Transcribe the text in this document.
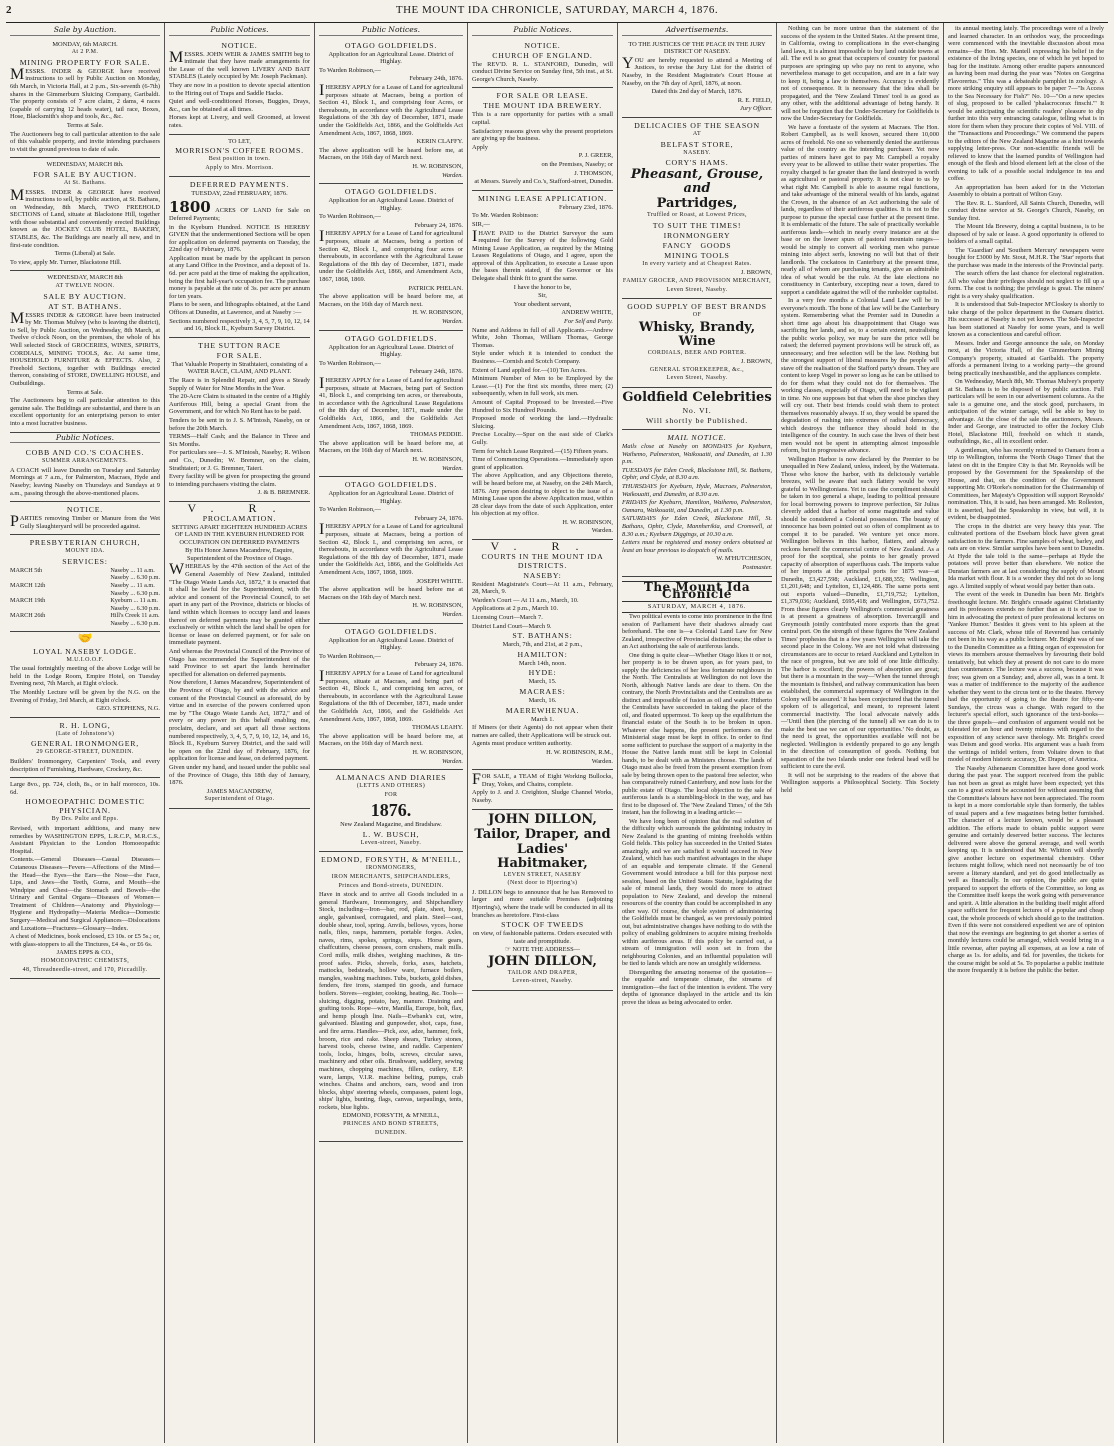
2	THE MOUNT IDA CHRONICLE, SATURDAY, MARCH 4, 1876.
Sale by Auction.

MONDAY, 6th MARCH.

At 2 P.M.

MINING PROPERTY FOR SALE.

MESSRS. INDER & GEORGE have received instructions to sell by Public Auction on Monday, 6th March, in Victoria Hall, at 2 p.m., Six-seventh (6-7th) shares in the Gimmerburn Sluicing Company, Garibaldi. The property consists of 7 acre claim, 2 dams, 4 races (capable of carrying 12 heads water), tail race, Boxes, Hose, Blacksmith's shop and tools, &c., &c.

Terms at Sale.

The Auctioneers beg to call particular attention to the sale of this valuable property, and invite intending purchasers to visit the ground previous to date of sale.

WEDNESDAY, MARCH 8th.

FOR SALE BY AUCTION.

At St. Bathans.

MESSRS. INDER & GEORGE have received instructions to sell, by public auction, at St. Bathans, on Wednesday, 8th March, TWO FREEHOLD SECTIONS of Land, situate at Blackstone Hill, together with those substantial and conveniently erected Buildings known as the JOCKEY CLUB HOTEL, BAKERY, STABLES, &c. The Buildings are nearly all new, and in first-rate condition.

Terms (Liberal) at Sale.

To view, apply Mr. Turner, Blackstone Hill.

WEDNESDAY, MARCH 8th

AT TWELVE NOON.

SALE BY AUCTION.

AT ST. BATHANS.

MESSRS INDER & GEORGE have been instructed by Mr. Thomas Mulvey (who is leaving the district), to Sell, by Public Auction, on Wednesday, 8th March, at Twelve o'clock Noon, on the premises, the whole of his Well selected Stock of GROCERIES, WINES, SPIRITS, CORDIALS, MINING TOOLS, &c. At same time, HOUSEHOLD FURNITURE & EFFECTS. Also, 2 Freehold Sections, together with Buildings erected thereon, consisting of STORE, DWELLING HOUSE, and Outbuildings.

Terms at Sale.

The Auctioneers beg to call particular attention to this genuine sale. The Buildings are substantial, and there is an excellent opportunity for an enterprising person to enter into a most lucrative business.

Public Notices.

COBB AND CO.'S COACHES.

SUMMER ARRANGEMENTS.

A COACH will leave Dunedin on Tuesday and Saturday Mornings at 7 a.m., for Palmerston, Macraes, Hyde and Naseby; leaving Naseby on Thursdays and Sundays at 9 a.m., passing through the above-mentioned places.

NOTICE.

PARTIES removing Timber or Manure from the Wet Gully Slaughteryard will be proceeded against.

PRESBYTERIAN CHURCH,

MOUNT IDA.

SERVICES:

MARCH 5th	Naseby ... 11 a.m.
Naseby ... 6.30 p.m.
MARCH 12th	Naseby ... 11 a.m.
Naseby ... 6.30 p.m.
MARCH 19th	Kyeburn ... 11 a.m.
Naseby ... 6.30 p.m.
MARCH 26th	Hill's Creek 11 a.m.
Naseby ... 6.30 p.m.
🤝

LOYAL NASEBY LODGE.

M.U.I.O.O.F.

The usual fortnightly meeting of the above Lodge will be held in the Lodge Room, Empire Hotel, on Tuesday Evening next, 7th March, at Eight o'clock.

The Monthly Lecture will be given by the N.G. on the Evening of Friday, 3rd March, at Eight o'clock.

GEO. STEPHENS, N.G.

R. H. LONG,

(Late of Johnstone's)

GENERAL IRONMONGER,

29 GEORGE-STREET, DUNEDIN.

Builders' Ironmongery, Carpenters' Tools, and every description of Furnishing, Hardware, Crockery, &c.

Large 8vo., pp. 724, cloth, 8s., or in half morocco, 10s. 6d.

HOMOEOPATHIC DOMESTIC PHYSICIAN.

By Drs. Pulte and Epps.

Revised, with important additions, and many new remedies by WASHINGTON EPPS, L.R.C.P., M.R.C.S., Assistant Physician to the London Homoeopathic Hospital.

Contents.—General Diseases—Casual Diseases—Cutaneous Diseases—Fevers—Affections of the Mind—the Head—the Eyes—the Ears—the Nose—the Face, Lips, and Jaws—the Teeth, Gums, and Mouth—the Windpipe and Chest—the Stomach and Bowels—the Urinary and Genital Organs—Diseases of Women—Treatment of Children—Anatomy and Physiology—Hygiene and Hydropathy—Materia Medica—Domestic Surgery—Medical and Surgical Appliances—Dislocations and Luxations—Fractures—Glossary—Index.

A chest of Medicines, book enclosed, £3 10s. or £5 5s.; or, with glass-stoppers to all the Tinctures, £4 4s., or £6 6s.

JAMES EPPS & CO.,

HOMOEOPATHIC CHEMISTS,

48, Threadneedle-street, and 170, Piccadilly.

Public Notices.

NOTICE.

MESSRS. JOHN WEIR & JAMES SMITH beg to intimate that they have made arrangements for the Lease of the well known LIVERY AND BAIT STABLES (Lately occupied by Mr. Joseph Packman).

They are now in a position to devote special attention to the Hiring out of Traps and Saddle Hacks.

Quiet and well-conditioned Horses, Buggies, Drays, &c., can be obtained at all times.

Horses kept at Livery, and well Groomed, at lowest rates.

TO LET,

MORRISON'S COFFEE ROOMS.

Best position in town.

Apply to Mrs. Morrison.

DEFERRED PAYMENTS.

TUESDAY, 22nd FEBRUARY, 1876.

1800 ACRES OF LAND for Sale on Deferred Payments;

in the Kyeburn Hundred. NOTICE IS HEREBY GIVEN that the undermentioned Sections will be open for application on deferred payments on Tuesday, the 22nd day of February, 1876.

Application must be made by the applicant in person at any Land Office in the Province, and a deposit of 1s. 6d. per acre paid at the time of making the application, being the first half-year's occupation fee. The purchase money is payable at the rate of 3s. per acre per annum for ten years.

Plans to be seen, and lithographs obtained, at the Land Offices at Dunedin, at Lawrence, and at Naseby :—

Sections numbered respectively 3, 4, 5, 7, 9, 10, 12, 14 and 16, Block II., Kyeburn Survey District.

THE SUTTON RACE

FOR SALE.

That Valuable Property in Strathtaieri, consisting of a WATER RACE, CLAIM, AND PLANT.

The Race is in Splendid Repair, and gives a Steady Supply of Water for Nine Months in the Year.

The 20-Acre Claim is situated in the centre of a Highly Auriferous Hill, being a special Grant from the Government, and for which No Rent has to be paid.

Tenders to be sent in to J. S. M'Intosh, Naseby, on or before the 20th March.

TERMS—Half Cash; and the Balance in Three and Six Months.

For particulars see—J. S. M'Intosh, Naseby; R. Wilson and Co., Dunedin; W. Bremner, on the claim, Strathtaieri; or J. G. Bremner, Taieri.

Every facility will be given for prospecting the ground to intending purchasers visiting the claim.

J. & B. BREMNER.

V. R.

PROCLAMATION.

SETTING APART EIGHTEEN HUNDRED ACRES OF LAND IN THE KYEBURN HUNDRED FOR OCCUPATION ON DEFERRED PAYMENTS

By His Honor James Macandrew, Esquire, Superintendent of the Province of Otago.

WHEREAS by the 47th section of the Act of the General Assembly of New Zealand, intituled "The Otago Waste Lands Act, 1872," it is enacted that it shall be lawful for the Superintendent, with the advice and consent of the Provincial Council, to set apart in any part of the Province, districts or blocks of land within which licenses to occupy land and leases thereof on deferred payments may be granted either exclusively or within which the land shall be open for license or lease on deferred payment, or for sale on immediate payment.

And whereas the Provincial Council of the Province of Otago has recommended the Superintendent of the said Province to set apart the lands hereinafter specified for alienation on deferred payments.

Now therefore, I James Macandrew, Superintendent of the Province of Otago, by and with the advice and consent of the Provincial Council as aforesaid, do by virtue and in exercise of the powers conferred upon me by "The Otago Waste Lands Act, 1872," and of every or any power in this behalf enabling me, proclaim, declare, and set apart all those sections numbered respectively, 3, 4, 5, 7, 9, 10, 12, 14, and 16, Block II., Kyeburn Survey District, and the said will be open on the 22nd day of February, 1876, for application for license and lease, on deferred payment.

Given under my hand, and issued under the public seal of the Province of Otago, this 18th day of January, 1876.

JAMES MACANDREW,

Superintendent of Otago.

Public Notices.

OTAGO GOLDFIELDS.

Application for an Agricultural Lease. District of Highlay.

To Warden Robinson,—

February 24th, 1876.

IHEREBY APPLY for a Lease of Land for agricultural purposes situate at Macraes, being a portion of Section 41, Block I., and comprising four Acres, or thereabouts, in accordance with the Agricultural Lease Regulations of the 3th day of December, 1871, made under the Goldfields Act, 1866, and the Goldfields Act Amendment Acts, 1867, 1868, 1869.

KERIN CLAFFY.

The above application will be heard before me, at Macraes, on the 16th day of March next.

H. W. ROBINSON,

Warden.

OTAGO GOLDFIELDS.

Application for an Agricultural Lease. District of Highlay.

To Warden Robinson,—

February 24, 1876.

IHEREBY APPLY for a Lease of Land for agricultural purposes, situate at Macraes, being a portion of Section 42, Block I., and comprising four acres or thereabouts, in accordance with the Agricultural Lease Regulations of the 8th day of December, 1871, made under the Goldfields Act, 1866, and Amendment Acts, 1867, 1868, 1869.

PATRICK PHELAN.

The above application will be heard before me, at Macraes, on the 16th day of March next.

H. W. ROBINSON,

Warden.

OTAGO GOLDFIELDS.

Application for an Agricultural Lease. District of Highlay.

To Warden Robinson,—

February 24th, 1876.

IHEREBY APPLY for a Lease of Land for agricultural purposes, situate at Macraes, being part of Section 41, Block I., and comprising ten acres, or thereabouts, in accordance with the Agricultural Lease Regulations of the 8th day of December, 1871, made under the Goldfields Act, 1866, and the Goldfields Act Amendment Acts, 1867, 1868, 1869.

THOMAS PEDDIE.

The above application will be heard before me, at Macraes, on the 16th day of March next.

H. W. ROBINSON,

Warden.

OTAGO GOLDFIELDS.

Application for an Agricultural Lease. District of Highlay.

To Warden Robinson,—

February 24, 1876.

IHEREBY APPLY for a Lease of Land for agricultural purposes, situate at Macraes, being a portion of Section 42, Block I., and comprising ten acres, or thereabouts, in accordance with the Agricultural Lease Regulations of the 8th day of December, 1871, made under the Goldfields Act, 1866, and the Goldfields Act Amendment Acts, 1867, 1868, 1869.

JOSEPH WHITE.

The above application will be heard before me at Macraes on the 16th day of March next.

H. W. ROBINSON,

Warden.

OTAGO GOLDFIELDS.

Application for an Agricultural Lease. District of Highlay.

To Warden Robinson,—

February 24, 1876.

IHEREBY APPLY for a Lease of Land for agricultural purposes, situate at Macraes, and being part of Section 41, Block I., and comprising ten acres, or thereabouts, in accordance with the Agricultural Lease Regulations of the 8th of December, 1871, made under the Goldfields Act, 1866, and the Goldfields Act Amendment Acts, 1867, 1868, 1869.

THOMAS LEAHY.

The above application will be heard before me, at Macraes, on the 16th day of March next.

H. W. ROBINSON,

Warden.

ALMANACS AND DIARIES

(LETTS AND OTHERS)

FOR

1876.

New Zealand Magazine, and Bradshaw.

L. W. BUSCH,

Leven-street, Naseby.

EDMOND, FORSYTH, & M'NEILL,

IRONMONGERS,

IRON MERCHANTS, SHIPCHANDLERS,

Princes and Bond-streets, DUNEDIN.

Have in stock and to arrive all Goods included in a general Hardware, Ironmongery, and Shipchandlery Stock, including—Iron—bar, rod, plate, sheet, hoop, angle, galvanised, corrugated, and plain. Steel—cast, double shear, tool, spring. Anvils, bellows, vyces, horse nails, files, rasps, hammers, portable forges. Axles, naves, rims, spokes, springs, steps. Horse gears, chaffcutters, cheese presses, corn crushers, malt mills. Cord mills, milk dishes, weighing machines, & tin-proof safes. Picks, shovels, forks, axes, hatchets, mattocks, bedsteads, hollow ware, furnace boilers, mangles, washing machines. Tubs, buckets, gold dishes, fenders, fire irons, stamped tin goods, and furnace boilers. Stoves—register, cooking, heating, &c. Tools—sluicing, digging, potato, hay, manure. Draining and grafting tools. Rope—wire, Manilla, Europe, bolt, flax, and hemp plough line. Nails—Ewbank's cut, wire, galvanised. Blasting and gunpowder, shot, caps, fuse, and fire arms. Handles—Pick, axe, adze, hammer, fork, broom, rice and rake. Sheep shears, Turkey stones, harvest tools, cheese twine, and raddle. Carpenters' tools, locks, hinges, bolts, screws, circular saws, machinery and other oils. Brushware, saddlery, sewing machines, chopping machines, fillers, cutlery, E.P. ware, lamps, V.I.R. machine belting, pumps, crab winches. Chains and anchors, oars, wood and iron blocks, ships' steering wheels, compasses, patent logs, ships' lights, bunting, flags, canvas, tarpaulings, tents, rockets, blue lights.

EDMOND, FORSYTH, & M'NEILL,

PRINCES AND BOND STREETS,

DUNEDIN.

Public Notices.

NOTICE.

CHURCH OF ENGLAND.

The REV'D. R. L. STANFORD, Dunedin, will conduct Divine Service on Sunday first, 5th inst., at St. George's Church, Naseby.

FOR SALE OR LEASE.

THE MOUNT IDA BREWERY.

This is a rare opportunity for parties with a small capital.

Satisfactory reasons given why the present proprietors are giving up the business.

Apply

P. J. GREER,

on the Premises, Naseby; or

J. THOMSON,

at Messrs. Stavely and Co.'s, Stafford-street, Dunedin.

MINING LEASE APPLICATION.

February 23rd, 1876.

To Mr. Warden Robinson:

SIR,—

IHAVE PAID to the District Surveyor the sum required for the Survey of the following Gold Mining Lease Application, as required by the Mining Leases Regulations of Otago, and I agree, upon the approval of this Application, to execute a Lease upon the bases therein stated, if the Governor or his Delegate shall think fit to grant the same.

I have the honor to be,

Sir,

Your obedient servant,

ANDREW WHITE,

For Self and Party.

Name and Address in full of all Applicants.—Andrew White, John Thomas, William Thomas, George Thomas.

Style under which it is intended to conduct the Business.—Cornish and Scotch Company.

Extent of Land applied for.—(10) Ten Acres.

Minimum Number of Men to be Employed by the Lease.—(1) For the first six months, three men; (2) subsequently, when in full work, six men.

Amount of Capital Proposed to be Invested.—Five Hundred to Six Hundred Pounds.

Proposed mode of working the land.—Hydraulic Sluicing.

Precise Locality.—Spur on the east side of Clark's Gully.

Term for which Lease Required.—(15) Fifteen years.

Time of Commencing Operations.—Immediately upon grant of application.

The above Application, and any Objections thereto, will be heard before me, at Naseby, on the 24th March, 1876. Any person desiring to object to the issue of a Mining Lease upon the above Application must, within 28 clear days from the date of such Application, enter his objection at my office.

H. W. ROBINSON,

Warden.

V. R.

COURTS IN THE MOUNT IDA DISTRICTS.

NASEBY:

Resident Magistrate's Court—At 11 a.m., February, 28, March, 9.

Warden's Court — At 11 a.m., March, 10.

Applications at 2 p.m., March 10.

Licensing Court—March 7.

District Land Court—March 9.

ST. BATHANS:

March, 7th, and 21st, at 2 p.m.,

HAMILTON:

March 14th, noon.

HYDE:

March, 15.

MACRAES:

March, 16.

MAEREWHENUA.

March 1.

If Miners (or their Agents) do not appear when their names are called, their Applications will be struck out.

Agents must produce written authority.

H. W. ROBINSON, R.M.,

Warden.

FOR SALE, a TEAM of Eight Working Bullocks, Dray, Yokes, and Chains, complete.

Apply to J. and J. Creighton, Sludge Channel Works, Naseby.

JOHN DILLON,

Tailor, Draper, and

Ladies' Habitmaker,

LEVEN STREET, NASEBY

(Next door to Hjorring's)

J. DILLON begs to announce that he has Removed to larger and more suitable Premises (adjoining Hjorring's), where the trade will be conducted in all its branches as heretofore. First-class

STOCK OF TWEEDS

on view, of fashionable patterns. Orders executed with taste and promptitude.

☞ NOTE THE ADDRESS—

JOHN DILLON,

TAILOR AND DRAPER,

Leven-street, Naseby.

Advertisements.

TO THE JUSTICES OF THE PEACE IN THE JURY DISTRICT OF NASEBY.

YOU are hereby requested to attend a Meeting of Justices, to revise the Jury List for the district of Naseby, in the Resident Magistrate's Court House at Naseby, on the 7th day of April, 1876, at noon.

Dated this 2nd day of March, 1876.

R. E. FIELD,

Jury Officer.

DELICACIES OF THE SEASON

AT

BELFAST STORE,

NASEBY.

CORY'S HAMS.

Pheasant, Grouse, and

Partridges,

Truffled or Roast, at Lowest Prices,

TO SUIT THE TIMES!

IRONMONGERY

FANCY GOODS

MINING TOOLS

In every variety and at Cheapest Rates.

J. BROWN,

FAMILY GROCER, AND PROVISION MERCHANT,

Leven Street, Naseby.

GOOD SUPPLY OF BEST BRANDS

OF

Whisky, Brandy, Wine

CORDIALS, BEER AND PORTER.

J. BROWN,

GENERAL STOREKEEPER, &c.,

Leven Street, Naseby.

Goldfield Celebrities

No. VI.

Will shortly be Published.

MAIL NOTICE.

Mails close at Naseby on MONDAYS for Kyeburn, Waihemo, Palmerston, Waikouaiti, and Dunedin, at 1.30 p.m.

TUESDAYS for Eden Creek, Blackstone Hill, St. Bathans, Ophir, and Clyde, at 8.30 a.m.

THURSDAYS for Kyeburn, Hyde, Macraes, Palmerston, Waikouaiti, and Dunedin, at 8.30 a.m.

FRIDAYS for Kyeburn, Hamilton, Waihemo, Palmerston, Oamaru, Waikouaiti, and Dunedin, at 1.30 p.m.

SATURDAYS for Eden Creek, Blackstone Hill, St. Bathans, Ophir, Clyde, Mannherikia, and Cromwell, at 8.30 a.m.; Kyeburn Diggings, at 10.30 a.m.

Letters must be registered and money orders obtained at least an hour previous to despatch of mails.

W. M'HUTCHESON,

Postmaster.

The Mount Ida Chronicle
SATURDAY, MARCH 4, 1876.

Two political events to come into prominence in the first session of Parliament have their shadows already cast beforehand. The one is—a Colonial Land Law for New Zealand, irrespective of Provincial distinctions; the other is an Act authorising the sale of auriferous lands.

One thing is quite clear—Whether Otago likes it or not, her property is to be drawn upon, as for years past, to supply the deficiencies of her less fortunate neighbours in the North. The Centralists at Wellington do not love the North, although Native lands are dear to them. On the contrary, the North Provincialists and the Centralists are as distinct and impossible of fusion as oil and water. Hitherto the Centralists have succeeded in taking the place of the oil, and floated uppermost. To keep up the equilibrium the financial estate of the South is to be broken in upon. Whatever else happens, the present performers on the Ministerial stage must be kept in office. In order to find some sufficient to purchase the support of a majority in the House the Native lands must still be kept in Colonial hands, to be dealt with as Ministers choose. The lands of Otago must also be freed from the present exemption from sale by being thrown open to the pastoral free selector, who has comparatively ruined Canterbury, and now lusts for the public estate of Otago. The local objection to the sale of auriferous lands is a stumbling-block in the way, and has first to be disposed of. The 'New Zealand Times,' of the 5th instant, has the following in a leading article:—

We have long been of opinion that the real solution of the difficulty which surrounds the goldmining industry in New Zealand is the granting of mining freeholds within Gold fields. This policy has succeeded in the United States amazingly, and we are satisfied it would succeed in New Zealand, which has such manifest advantages in the shape of an equable and temperate climate. If the General Government would introduce a bill for this purpose next session, based on the United States Statute, legislating the sale of mineral lands, they would do more to attract population to New Zealand, and develop the mineral resources of the country than could be accomplished in any other way. Of course, the whole system of administering the Goldfields must be changed, as we previously pointed out, but administrative changes have nothing to do with the policy of enabling goldminers to acquire mining freeholds within auriferous areas. If this policy be carried out, a stream of immigration will soon set in from the neighbouring Colonies, and an influential population will be tied to lands which are now an unsightly wilderness.

Disregarding the amazing nonsense of the quotation—the equable and temperate climate, the streams of immigration—the fact of the intention is evident. The very depths of ignorance displayed in the article and its kin prove the ideas as being advocated to order.

Nothing can be more untrue than the statement of the success of the system in the United States. At the present time, in California, owing to complications in the ever-changing land laws, it is almost impossible to buy land outside towns at all. The evil is so great that occupiers of country for pastoral purposes are springing up who pay no rent to anyone, who nevertheless manage to get occupation, and are in a fair way to keep it, being a law to themselves. Accuracy is evidently not of consequence. It is necessary that the idea shall be propagated, and the 'New Zealand Times' tool is as good as any other, with the additional advantage of being handy. It will not be forgotten that the Under-Secretary for Goldfields is now the Under-Secretary for Goldfields.

We have a foretaste of the system at Macraes. The Hon. Robert Campbell, as is well known, secured there 10,000 acres of freehold. No one so vehemently denied the auriferous value of the country as the intending purchaser. Yet now parties of miners have got to pay Mr. Campbell a royalty every year to be allowed to utilise their water properties. The royalty charged is far greater than the land destroyed is worth as agricultural or pastoral property. It is not clear to us by what right Mr. Campbell is able to assume regal functions, and take advantage of the mineral wealth of his lands, against the Crown, in the absence of an Act authorising the sale of lands, regardless of their auriferous qualities. It is not to the purpose to pursue the special case further at the present time. It is emblematic of the future. The sale of practically workable auriferous lands—which in nearly every instance are at the base or on the lower spurs of pastoral mountain ranges—would be simply to convert all working men who pursue mining into abject serfs, knowing no will but that of their landlords. The cockatoos in Canterbury at the present time, nearly all of whom are purchasing tenants, give an admirable idea of what would be the rule. At the late elections no constituency in Canterbury, excepting near a town, dared to support a candidate against the will of the runholder capitalist.

In a very few months a Colonial Land Law will be in everyone's mouth. The bone of that law will be the Canterbury system. Remembering what the Premier said in Dunedin a short time ago about his disappointment that Otago was sacrificing her lands, and so, to a certain extent, neutralising the public works policy, we may be sure the price will be raised; the deferred payment provisions will be struck off, as unnecessary; and free selection will be the law. Nothing but the strongest support of liberal measures by the people will stave off the realisation of the Stafford party's dream. They are content to keep Vogel in power so long as he can be utilised to do for them what they could not do for themselves. The working classes, especially of Otago, will need to be vigilant in time. No one supposes but that when the shoe pinches they will cry out. Their best friends could wish them to protect themselves reasonably always. If so, they would be spared the degradation of rushing into extremes of radical democracy, which destroys the influence they should hold in the intelligence of the country. In such case the lives of their best men would not be spent in attempting almost impossible reform, but in progressive advance.

Wellington Harbor is now declared by the Premier to be unequalled in New Zealand, unless, indeed, by the Waitemata. Those who know the harbor, with its deliciously variable breezes, will be aware that such flattery would be very grateful to Wellingtonians. Yet in case the compliment should be taken in too general a shape, leading to political pressure for local borrowing powers to improve perfection, Sir Julius cleverly added that a harbor of some magnitude and value should be considered a Colonial possession. The beauty of innocence has been pointed out so often of compliment as to compel it to be paraded. We venture yet once more. Wellington believes in this harbor, flatters, and already reckons herself the commercial centre of New Zealand. As a proof for the sceptical, she points to her greatly proved capacity of absorption of superfluous cash. The imports value of her imports at the principal ports for 1875 was—at Dunedin, £3,427,598; Auckland, £1,688,355; Wellington, £1,201,648; and Lyttelton, £1,124,486. The same ports sent out exports valued—Dunedin, £1,719,752; Lyttelton, £1,379,036; Auckland, £695,418; and Wellington, £673,752. From these figures clearly Wellington's commercial greatness is at present a greatness of absorption. Invercargill and Greymouth jointly contributed more exports than the great central port. On the strength of these figures the 'New Zealand Times' prophesies that in a few years Wellington will take the second place in the Colony. We are not told what distressing circumstances are to occur to retard Auckland and Lyttelton in the race of progress, but we are told of one little difficulty. The harbor is excellent; the powers of absorption are great; but there is a mountain in the way—'When the tunnel through the mountain is finished, and railway communication has been established, the commercial supremacy of Wellington in the Colony will be assured.' It has been conjectured that the tunnel spoken of is allegorical, and meant, to represent latent commercial inactivity. The local advocate naively adds—'Until then (the piercing of the tunnel) all we can do is to make the best use we can of our opportunities.' No doubt, as the need is great, the opportunities available will not be neglected. Wellington is evidently prepared to go any length in the direction of consumption of goods. Nothing but separation of the two Islands under one federal head will be sufficient to cure the evil.

It will not be surprising to the readers of the above that Wellington supports a Philosophical Society. This Society held

its annual meeting lately. The proceedings were of a lively and learned character. In an orthodox way, the proceedings were commenced with the inevitable discussion about moa remains—the Hon. Mr. Mantell expressing his belief in the existence of the living species, one of which he yet hoped to bag for the institute. Among other erudite papers announced as having been read during the year was "Notes on Gorgrina Flavorertus." This was a debateable pamphlet in zoology. A more striking enquiry still appears to be paper 7—"Is Access to the Sea Necessary for Fish?" No. 10—"On a new species of slug, proposed to be called 'phalacrocorax finschi.'" It would be anticipating the scientific readers' pleasure to dip further into this very entrancing catalogue, telling what is in store for them when they procure their copies of Vol. VIII. of the "Transactions and Proceedings." We commend the papers to the editors of the New Zealand Magazine as a hint towards supplying letter-press. Our non-scientific friends will be relieved to know that the learned pundits of Wellington had enough of the flesh and blood element left at the close of the evening to talk of a possible social indulgence in tea and coffee.

An appropriation has been asked for in the Victorian Assembly to obtain a portrait of Wilton Gray.

The Rev. R. L. Stanford, All Saints Church, Dunedin, will conduct divine service at St. George's Church, Naseby, on Sunday first.

The Mount Ida Brewery, doing a capital business, is to be disposed of by sale or lease. A good opportunity is offered to holders of a small capital.

The 'Guardian' and 'Southern Mercury' newspapers were bought for £3000 by Mr. Stout, M.H.R. The 'Star' reports that the purchase was made in the interests of the Provincial party.

The search offers the last chance for electoral registration. All who value their privileges should not neglect to fill up a form. The cost is nothing; the privilege is great. The miners' right is a very shaky qualification.

It is understood that Sub-Inspector M'Closkey is shortly to take charge of the police department in the Oamaru district. His successor at Naseby is not yet known. The Sub-Inspector has been stationed at Naseby for some years, and is well known as a conscientious and careful officer.

Messrs. Inder and George announce the sale, on Monday next, at the Victoria Hall, of the Gimmerburn Mining Company's property, situated at Garibaldi. The property affords a permanent living to a working party—the ground being practically inexhaustible, and the appliances complete.

On Wednesday, March 8th, Mr. Thomas Mulvey's property at St. Bathans is to be disposed of by public auction. Full particulars will be seen in our advertisement columns. As the sale is a genuine one, and the stock good, purchasers, in anticipation of the winter cartage, will be able to buy to advantage. At the close of the sale the auctioneers, Messrs. Inder and George, are instructed to offer the Jockey Club Hotel, Blackstone Hill, freehold on which it stands, outbuildings, &c., all in excellent order.

A gentleman, who has recently returned to Oamaru from a trip to Wellington, informs the 'North Otago Times' that the latest on dit in the Empire City is that Mr. Reynolds will be proposed by the Government for the Speakership of the House, and that, on the condition of the Government supporting Mr. O'Rorke's nomination for the Chairmanship of Committees, her Majesty's Opposition will support Reynolds' nomination. This, it is said, has been arranged. Mr. Rolleston, it is asserted, had the Speakership in view, but will, it is evident, be disappointed.

The crops in the district are very heavy this year. The cultivated portions of the Ewebarn block have given great satisfaction to the farmers. Fine samples of wheat, barley, and oats are on view. Similar samples have been sent to Dunedin. At Hyde the tale told is the same—perhaps at Hyde the potatoes will prove better than elsewhere. We notice the Dunstan farmers are at last considering the supply of Mount Ida market with flour. It is a wonder they did not do so long ago. A limited supply of wheat would pay better than oats.

The event of the week in Dunedin has been Mr. Bright's freethought lecture. Mr. Bright's crusade against Christianity and its professors extends no further than as it is of use to him in advocating the pretext of pure professional lectures on 'Yankee Humor.' Besides it gives vent to his spleen at the success of Mr. Clark, whose title of Reverend has certainly not been in his way as a public lecturer. Mr. Bright was of use to the Dunedin Committee as a fitting organ of expression for views its members arouse themselves by favouring their bold tentatively, but which they at present do not care to do more than countenance. The lecture was a success, because it was free; was given on a Sunday; and, above all, was in a tent. It was a matter of indifference to the majority of the audience whether they went to the circus tent or to the theatre. Hervey had the opportunity of going to the theatre for fifty-one Sundays, the circus was a change. With regard to the lecturer's special effort, such ignorance of the text-books—the three gospels—and confusion of argument would not be tolerated for an hour and twenty minutes with regard to the exposition of any science save theology. Mr. Bright's creed was Deism and good works. His argument was a hash from the writings of infidel writers, from Voltaire down to that model of modern historic accuracy, Dr. Draper, of America.

The Naseby Athenaeum Committee have done good work during the past year. The support received from the public has not been as great as might have been expected; yet this can to a great extent be accounted for without assuming that the Committee's labours have not been appreciated. The room is kept in a more comfortable style than formerly, the tables of usual papers and a few magazines being better furnished. The character of a lecture known, would be a pleasant addition. The efforts made to obtain public support were genuine and certainly deserved better success. The lectures delivered were above the general average, and well worth keeping up. It is understood that Mr. Whitton will shortly give another lecture on experimental chemistry. Other lectures might follow, which need not necessarily be of too severe a literary standard, and yet do good intellectually as well as financially. In our opinion, the public are quite prepared to support the efforts of the Committee, so long as the Committee itself keeps the work going with perseverance and spirit. A little alteration in the building itself might afford space sufficient for frequent lectures of a popular and cheap cast, the whole proceeds of which should go to the institution. Even if this were not considered expedient we are of opinion that now the evenings are beginning to get shorter a series of monthly lectures could be arranged, which would bring in a little revenue, after paying all expenses, at as low a rate of charge as 1s. for adults, and 6d. for juveniles, the tickets for the course might be sold at 5s. To popularise a public institute the more frequently it is before the public the better.
